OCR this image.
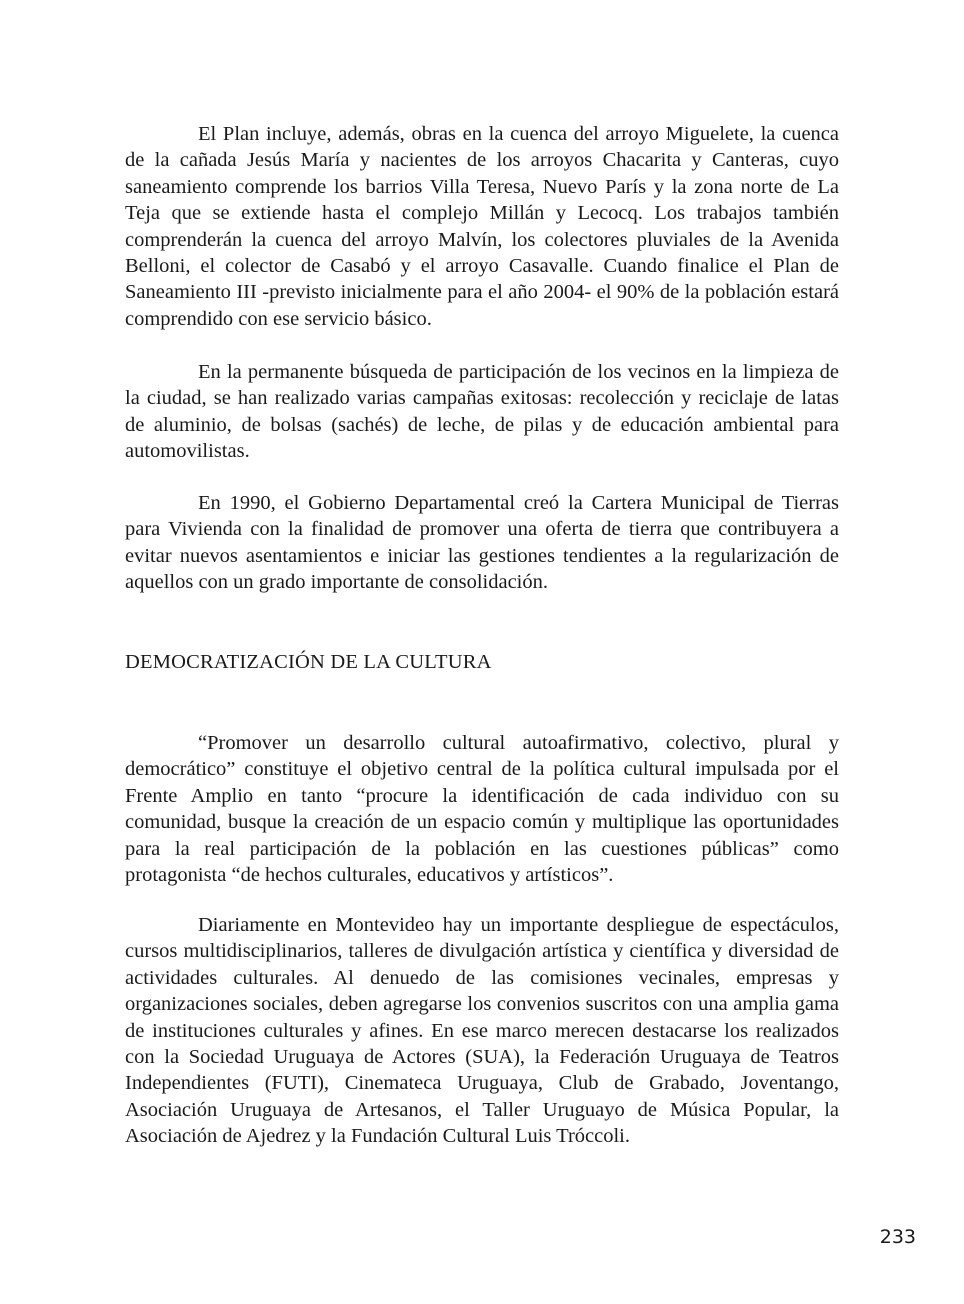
El Plan incluye, además, obras en la cuenca del arroyo Miguelete, la cuenca de la cañada Jesús María y nacientes de los arroyos Chacarita y Canteras, cuyo saneamiento comprende los barrios Villa Teresa, Nuevo París y la zona norte de La Teja que se extiende hasta el complejo Millán y Lecocq. Los trabajos también comprenderán la cuenca del arroyo Malvín, los colectores pluviales de la Avenida Belloni, el colector de Casabó y el arroyo Casavalle. Cuando finalice el Plan de Saneamiento III -previsto inicialmente para el año 2004- el 90% de la población estará comprendido con ese servicio básico.

En la permanente búsqueda de participación de los vecinos en la limpieza de la ciudad, se han realizado varias campañas exitosas: recolección y reciclaje de latas de aluminio, de bolsas (sachés) de leche, de pilas y de educación ambiental para automovilistas.

En 1990, el Gobierno Departamental creó la Cartera Municipal de Tierras para Vivienda con la finalidad de promover una oferta de tierra que contribuyera a evitar nuevos asentamientos e iniciar las gestiones tendientes a la regularización de aquellos con un grado importante de consolidación.

DEMOCRATIZACIÓN DE LA CULTURA

“Promover un desarrollo cultural autoafirmativo, colectivo, plural y democrático” constituye el objetivo central de la política cultural impulsada por el Frente Amplio en tanto “procure la identificación de cada individuo con su comunidad, busque la creación de un espacio común y multiplique las oportunidades para la real participación de la población en las cuestiones públicas” como protagonista “de hechos culturales, educativos y artísticos”.

Diariamente en Montevideo hay un importante despliegue de espectáculos, cursos multidisciplinarios, talleres de divulgación artística y científica y diversidad de actividades culturales. Al denuedo de las comisiones vecinales, empresas y organizaciones sociales, deben agregarse los convenios suscritos con una amplia gama de instituciones culturales y afines. En ese marco merecen destacarse los realizados con la Sociedad Uruguaya de Actores (SUA), la Federación Uruguaya de Teatros Independientes (FUTI), Cinemateca Uruguaya, Club de Grabado, Joventango, Asociación Uruguaya de Artesanos, el Taller Uruguayo de Música Popular, la Asociación de Ajedrez y la Fundación Cultural Luis Tróccoli.

233
